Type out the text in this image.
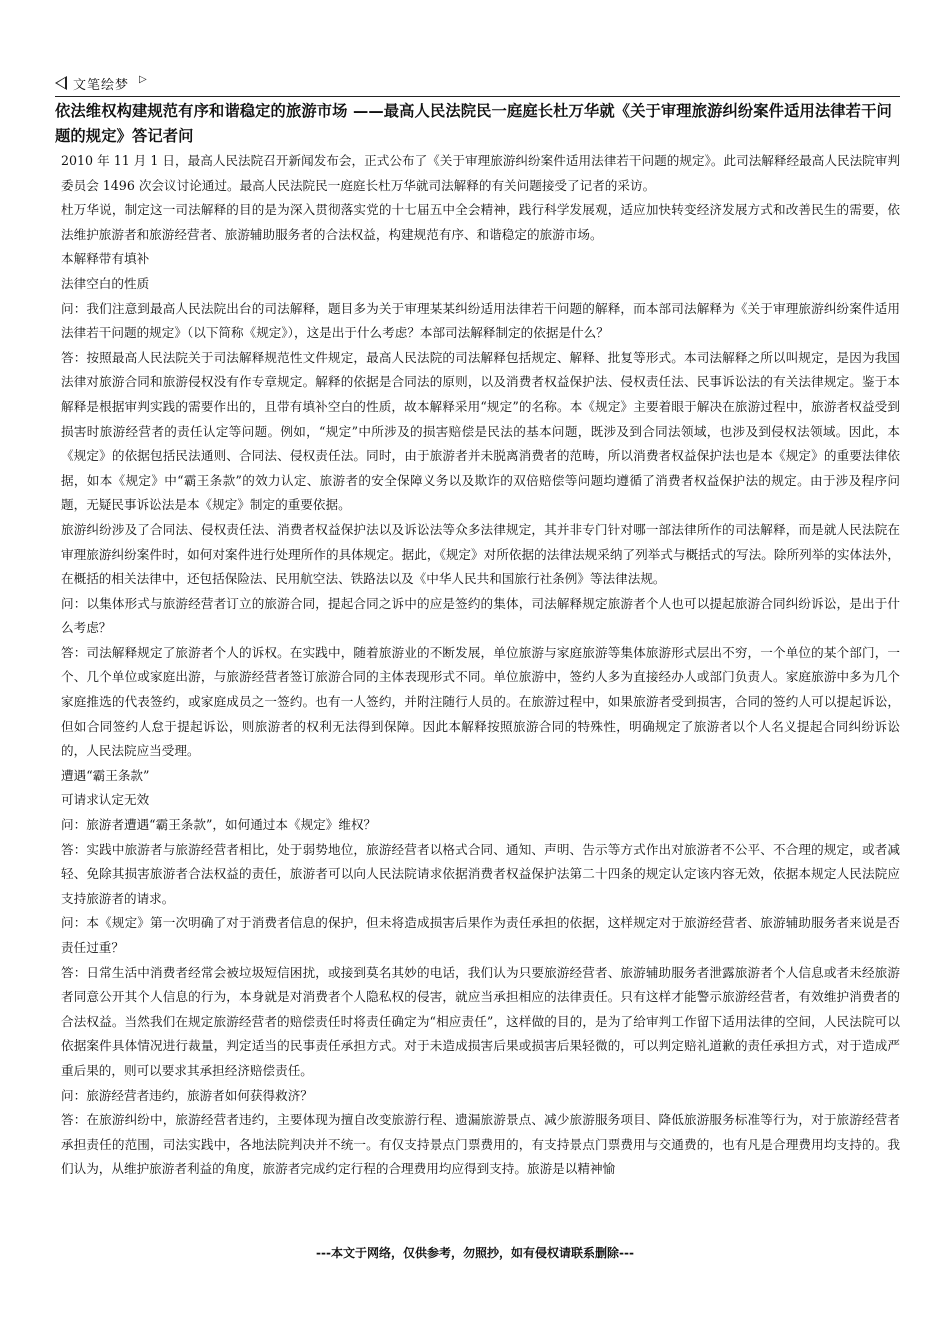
文笔绘梦 ▷
依法维权构建规范有序和谐稳定的旅游市场 ——最高人民法院民一庭庭长杜万华就《关于审理旅游纠纷案件适用法律若干问题的规定》答记者问

2010 年 11 月 1 日，最高人民法院召开新闻发布会，正式公布了《关于审理旅游纠纷案件适用法律若干问题的规定》。此司法解释经最高人民法院审判委员会 1496 次会议讨论通过。最高人民法院民一庭庭长杜万华就司法解释的有关问题接受了记者的采访。

杜万华说，制定这一司法解释的目的是为深入贯彻落实党的十七届五中全会精神，践行科学发展观，适应加快转变经济发展方式和改善民生的需要，依法维护旅游者和旅游经营者、旅游辅助服务者的合法权益，构建规范有序、和谐稳定的旅游市场。

本解释带有填补

法律空白的性质

问：我们注意到最高人民法院出台的司法解释，题目多为关于审理某某纠纷适用法律若干问题的解释，而本部司法解释为《关于审理旅游纠纷案件适用法律若干问题的规定》（以下简称《规定》），这是出于什么考虑？本部司法解释制定的依据是什么？

答：按照最高人民法院关于司法解释规范性文件规定，最高人民法院的司法解释包括规定、解释、批复等形式。本司法解释之所以叫规定，是因为我国法律对旅游合同和旅游侵权没有作专章规定。解释的依据是合同法的原则，以及消费者权益保护法、侵权责任法、民事诉讼法的有关法律规定。鉴于本解释是根据审判实践的需要作出的，且带有填补空白的性质，故本解释采用“规定”的名称。本《规定》主要着眼于解决在旅游过程中，旅游者权益受到损害时旅游经营者的责任认定等问题。例如，“规定”中所涉及的损害赔偿是民法的基本问题，既涉及到合同法领域，也涉及到侵权法领域。因此，本《规定》的依据包括民法通则、合同法、侵权责任法。同时，由于旅游者并未脱离消费者的范畴，所以消费者权益保护法也是本《规定》的重要法律依据，如本《规定》中“霸王条款”的效力认定、旅游者的安全保障义务以及欺诈的双倍赔偿等问题均遵循了消费者权益保护法的规定。由于涉及程序问题，无疑民事诉讼法是本《规定》制定的重要依据。

旅游纠纷涉及了合同法、侵权责任法、消费者权益保护法以及诉讼法等众多法律规定，其并非专门针对哪一部法律所作的司法解释，而是就人民法院在审理旅游纠纷案件时，如何对案件进行处理所作的具体规定。据此，《规定》对所依据的法律法规采纳了列举式与概括式的写法。除所列举的实体法外，在概括的相关法律中，还包括保险法、民用航空法、铁路法以及《中华人民共和国旅行社条例》等法律法规。

问：以集体形式与旅游经营者订立的旅游合同，提起合同之诉中的应是签约的集体，司法解释规定旅游者个人也可以提起旅游合同纠纷诉讼，是出于什么考虑？

答：司法解释规定了旅游者个人的诉权。在实践中，随着旅游业的不断发展，单位旅游与家庭旅游等集体旅游形式层出不穷，一个单位的某个部门，一个、几个单位或家庭出游，与旅游经营者签订旅游合同的主体表现形式不同。单位旅游中，签约人多为直接经办人或部门负责人。家庭旅游中多为几个家庭推选的代表签约，或家庭成员之一签约。也有一人签约，并附注随行人员的。在旅游过程中，如果旅游者受到损害，合同的签约人可以提起诉讼，但如合同签约人怠于提起诉讼，则旅游者的权利无法得到保障。因此本解释按照旅游合同的特殊性，明确规定了旅游者以个人名义提起合同纠纷诉讼的，人民法院应当受理。

遭遇“霸王条款”

可请求认定无效

问：旅游者遭遇“霸王条款”，如何通过本《规定》维权？

答：实践中旅游者与旅游经营者相比，处于弱势地位，旅游经营者以格式合同、通知、声明、告示等方式作出对旅游者不公平、不合理的规定，或者减轻、免除其损害旅游者合法权益的责任，旅游者可以向人民法院请求依据消费者权益保护法第二十四条的规定认定该内容无效，依据本规定人民法院应支持旅游者的请求。

问：本《规定》第一次明确了对于消费者信息的保护，但未将造成损害后果作为责任承担的依据，这样规定对于旅游经营者、旅游辅助服务者来说是否责任过重？

答：日常生活中消费者经常会被垃圾短信困扰，或接到莫名其妙的电话，我们认为只要旅游经营者、旅游辅助服务者泄露旅游者个人信息或者未经旅游者同意公开其个人信息的行为，本身就是对消费者个人隐私权的侵害，就应当承担相应的法律责任。只有这样才能警示旅游经营者，有效维护消费者的合法权益。当然我们在规定旅游经营者的赔偿责任时将责任确定为“相应责任”，这样做的目的，是为了给审判工作留下适用法律的空间，人民法院可以依据案件具体情况进行裁量，判定适当的民事责任承担方式。对于未造成损害后果或损害后果轻微的，可以判定赔礼道歉的责任承担方式，对于造成严重后果的，则可以要求其承担经济赔偿责任。

问：旅游经营者违约，旅游者如何获得救济？

答：在旅游纠纷中，旅游经营者违约，主要体现为擅自改变旅游行程、遗漏旅游景点、减少旅游服务项目、降低旅游服务标准等行为，对于旅游经营者承担责任的范围，司法实践中，各地法院判决并不统一。有仅支持景点门票费用的，有支持景点门票费用与交通费的，也有凡是合理费用均支持的。我们认为，从维护旅游者利益的角度，旅游者完成约定行程的合理费用均应得到支持。旅游是以精神愉

---本文于网络，仅供参考，勿照抄，如有侵权请联系删除---
